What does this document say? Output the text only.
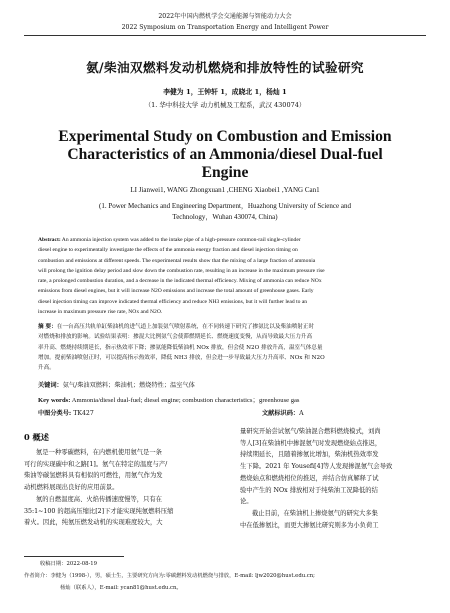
2022年中国内燃机学会交通能源与智能动力大会
2022 Symposium on Transportation Energy and Intelligent Power
氨/柴油双燃料发动机燃烧和排放特性的试验研究
李健为 1，王钟轩 1，成晓北 1，杨灿 1
（1. 华中科技大学 动力机械及工程系，武汉 430074）
Experimental Study on Combustion and Emission
Characteristics of an Ammonia/diesel Dual-fuel
Engine
LI Jianwei1, WANG Zhongxuan1 ,CHENG Xiaobei1 ,YANG Can1
(1. Power Mechanics and Engineering Department，Huazhong University of Science and
Technology，Wuhan 430074, China)
Abstract: An ammonia injection system was added to the intake pipe of a high-pressure common-rail single-cylinder
diesel engine to experimentally investigate the effects of the ammonia energy fraction and diesel injection timing on
combustion and emissions at different speeds. The experimental results show that the mixing of a large fraction of ammonia
will prolong the ignition delay period and slow down the combustion rate, resulting in an increase in the maximum pressure rise
rate, a prolonged combustion duration, and a decrease in the indicated thermal efficiency. Mixing of ammonia can reduce NOx
emissions from diesel engines, but it will increase N2O emissions and increase the total amount of greenhouse gases. Early
diesel injection timing can improve indicated thermal efficiency and reduce NH3 emissions, but it will further lead to an
increase in maximum pressure rise rate, NOx and N2O.
摘 要：在一台高压共轨单缸柴油机的进气道上加装氨气喷射系统，在不同转速下研究了掺氨比以及柴油喷射正时
对燃烧和排放的影响。试验结果表明：掺混大比例氨气会使滞燃期延长、燃烧速度变慢，从而导致最大压力升高
率升高、燃烧持续期延长，指示热效率下降；掺氨能降低柴油机 NOx 排放，但会使 N2O 排放升高，温室气体总量
增加。提前柴油喷射正时，可以提高指示热效率，降低 NH3 排放，但会进一步导致最大压力升高率、NOx 和 N2O
升高。
关键词：氨气/柴油双燃料；柴油机；燃烧特性；温室气体
Key words: Ammonia/diesel dual-fuel; diesel engine; combustion characteristics；greenhouse gas
中图分类号: TK427	文献标识码：A
0 概述

氨是一种零碳燃料，在内燃机使用氨气是一条

可行的实现碳中和之路[1]。氨气在特定的温度与产/

柴油等碳氢燃料具有相似的可燃性，用氨气作为发

动机燃料展现出良好的应用前景。

氨的自燃温度高、火焰传播速度慢等，只有在

35:1~100 的超高压缩比[2]下才能实现纯氨燃料压缩

着火。因此，纯氨压燃发动机的实现难度较大，大

量研究开始尝试氨气/柴油混合燃料燃烧模式，刘尚

等人[3]在柴油机中掺混氨气时发现燃烧始点推迟，

持续期延长，且随着掺氨比增加，柴油机热效率发

生下降。2021 年 Yousefi[4]等人发现掺混氨气会导致

燃烧始点和燃烧相位的推迟，并结合仿真解释了试

验中产生的 NOx 排放相对于纯柴油工况降低的结

论。

截止目前，在柴油机上掺烧氨气的研究大多集

中在低掺氨比，而更大掺氨比研究则多为小负荷工

收稿日期：2022-08-19
作者简介：李健为（1998-），男，硕士生，主要研究方向为:零碳燃料发动机燃烧与排放，E-mail: ljw2020@hust.edu.cn;
杨灿（联系人），E-mail: ycan81@hust.edu.cn。
